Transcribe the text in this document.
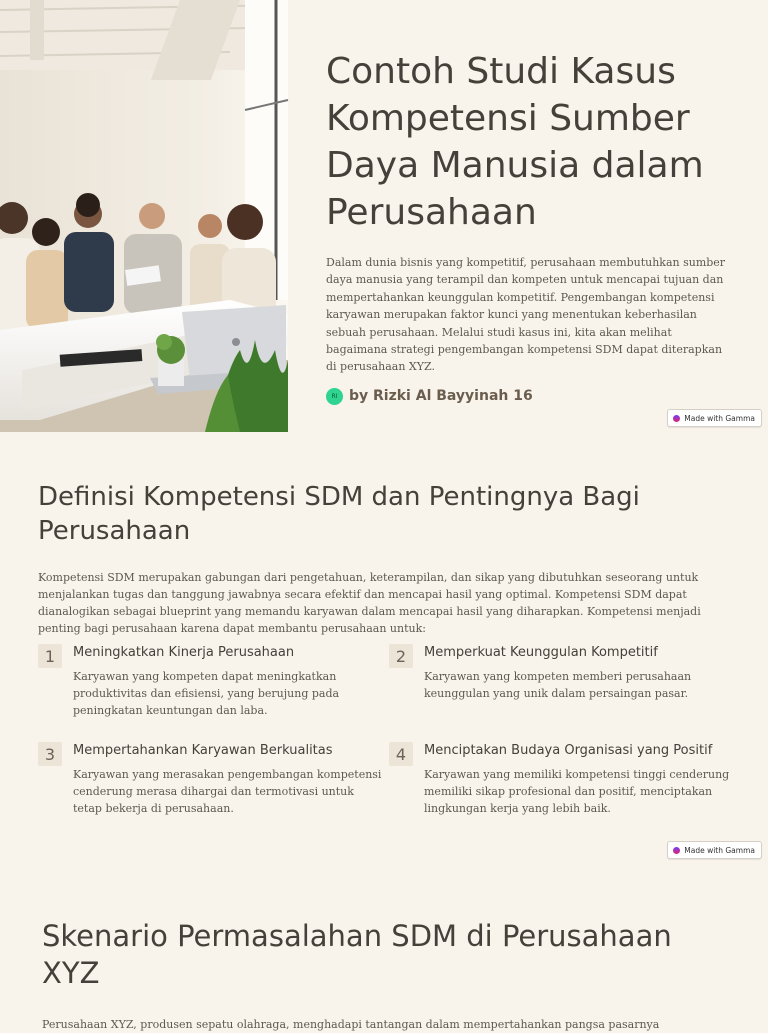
Contoh Studi Kasus Kompetensi Sumber Daya Manusia dalam Perusahaan

Dalam dunia bisnis yang kompetitif, perusahaan membutuhkan sumber daya manusia yang terampil dan kompeten untuk mencapai tujuan dan mempertahankan keunggulan kompetitif. Pengembangan kompetensi karyawan merupakan faktor kunci yang menentukan keberhasilan sebuah perusahaan. Melalui studi kasus ini, kita akan melihat bagaimana strategi pengembangan kompetensi SDM dapat diterapkan di perusahaan XYZ.

RI by Rizki Al Bayyinah 16
Made with Gamma
Definisi Kompetensi SDM dan Pentingnya Bagi Perusahaan

Kompetensi SDM merupakan gabungan dari pengetahuan, keterampilan, dan sikap yang dibutuhkan seseorang untuk menjalankan tugas dan tanggung jawabnya secara efektif dan mencapai hasil yang optimal. Kompetensi SDM dapat dianalogikan sebagai blueprint yang memandu karyawan dalam mencapai hasil yang diharapkan. Kompetensi menjadi penting bagi perusahaan karena dapat membantu perusahaan untuk:

1	Meningkatkan Kinerja Perusahaan
Karyawan yang kompeten dapat meningkatkan produktivitas dan efisiensi, yang berujung pada peningkatan keuntungan dan laba.
2	Memperkuat Keunggulan Kompetitif
Karyawan yang kompeten memberi perusahaan keunggulan yang unik dalam persaingan pasar.
3	Mempertahankan Karyawan Berkualitas
Karyawan yang merasakan pengembangan kompetensi cenderung merasa dihargai dan termotivasi untuk tetap bekerja di perusahaan.
4	Menciptakan Budaya Organisasi yang Positif
Karyawan yang memiliki kompetensi tinggi cenderung memiliki sikap profesional dan positif, menciptakan lingkungan kerja yang lebih baik.
Made with Gamma
Skenario Permasalahan SDM di Perusahaan XYZ

Perusahaan XYZ, produsen sepatu olahraga, menghadapi tantangan dalam mempertahankan pangsa pasarnya
